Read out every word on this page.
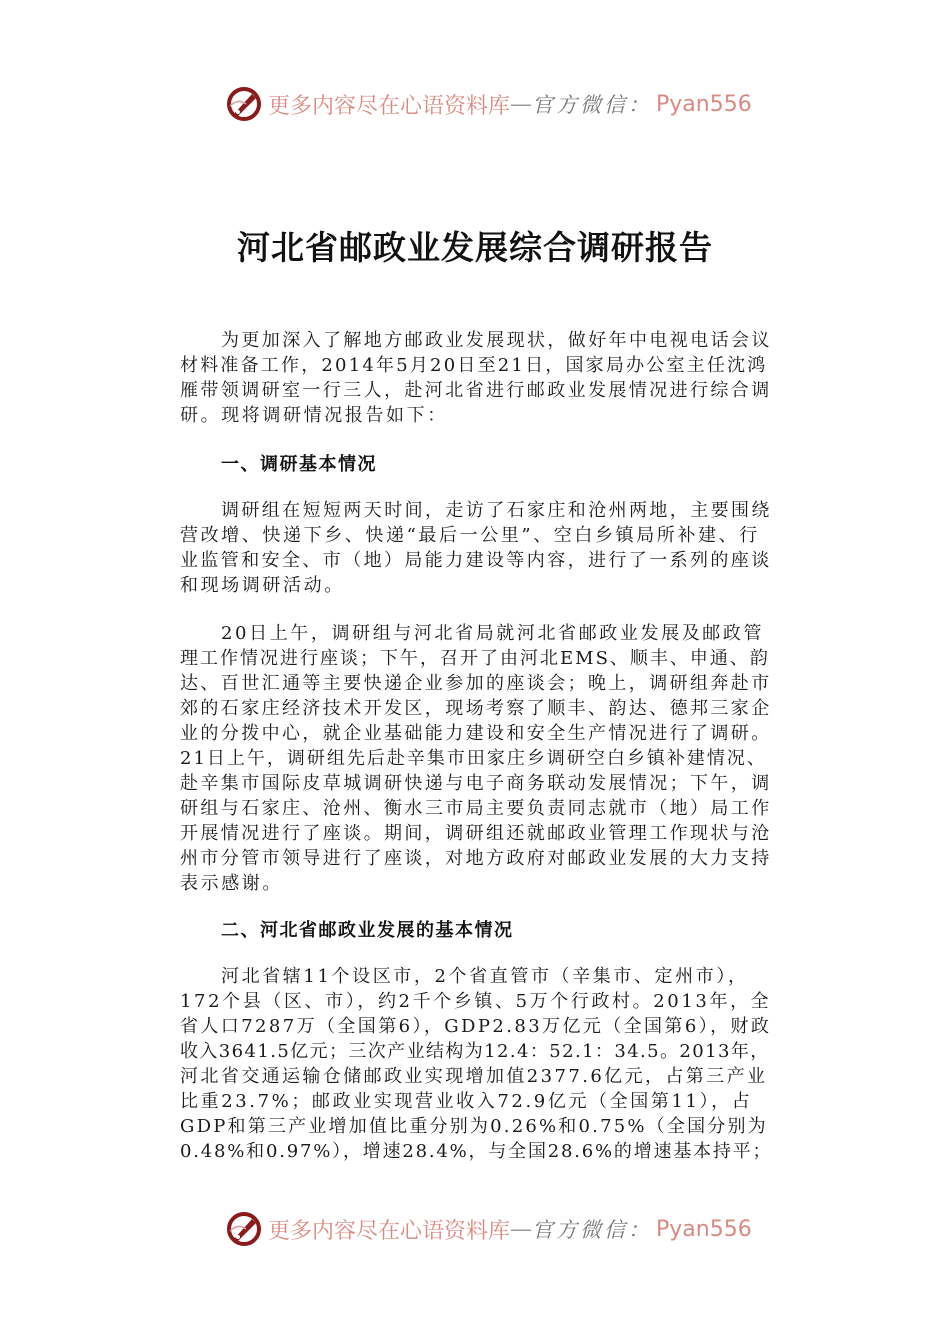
更多内容尽在心语资料库 — 官方微信： Pyan556
河北省邮政业发展综合调研报告
为更加深入了解地方邮政业发展现状，做好年中电视电话会议
材料准备工作，2014年5月20日至21日，国家局办公室主任沈鸿
雁带领调研室一行三人，赴河北省进行邮政业发展情况进行综合调
研。现将调研情况报告如下：
一、调研基本情况
调研组在短短两天时间，走访了石家庄和沧州两地，主要围绕
营改增、快递下乡、快递“最后一公里”、空白乡镇局所补建、行
业监管和安全、市（地）局能力建设等内容，进行了一系列的座谈
和现场调研活动。
20日上午，调研组与河北省局就河北省邮政业发展及邮政管
理工作情况进行座谈；下午，召开了由河北EMS、顺丰、申通、韵
达、百世汇通等主要快递企业参加的座谈会；晚上，调研组奔赴市
郊的石家庄经济技术开发区，现场考察了顺丰、韵达、德邦三家企
业的分拨中心，就企业基础能力建设和安全生产情况进行了调研。
21日上午，调研组先后赴辛集市田家庄乡调研空白乡镇补建情况、
赴辛集市国际皮草城调研快递与电子商务联动发展情况；下午，调
研组与石家庄、沧州、衡水三市局主要负责同志就市（地）局工作
开展情况进行了座谈。期间，调研组还就邮政业管理工作现状与沧
州市分管市领导进行了座谈，对地方政府对邮政业发展的大力支持
表示感谢。
二、河北省邮政业发展的基本情况
河北省辖11个设区市，2个省直管市（辛集市、定州市），
172个县（区、市），约2千个乡镇、5万个行政村。2013年，全
省人口7287万（全国第6），GDP2.83万亿元（全国第6），财政
收入3641.5亿元；三次产业结构为12.4：52.1：34.5。2013年，
河北省交通运输仓储邮政业实现增加值2377.6亿元，占第三产业
比重23.7%；邮政业实现营业收入72.9亿元（全国第11），占
GDP和第三产业增加值比重分别为0.26%和0.75%（全国分别为
0.48%和0.97%），增速28.4%，与全国28.6%的增速基本持平；
更多内容尽在心语资料库 — 官方微信： Pyan556
